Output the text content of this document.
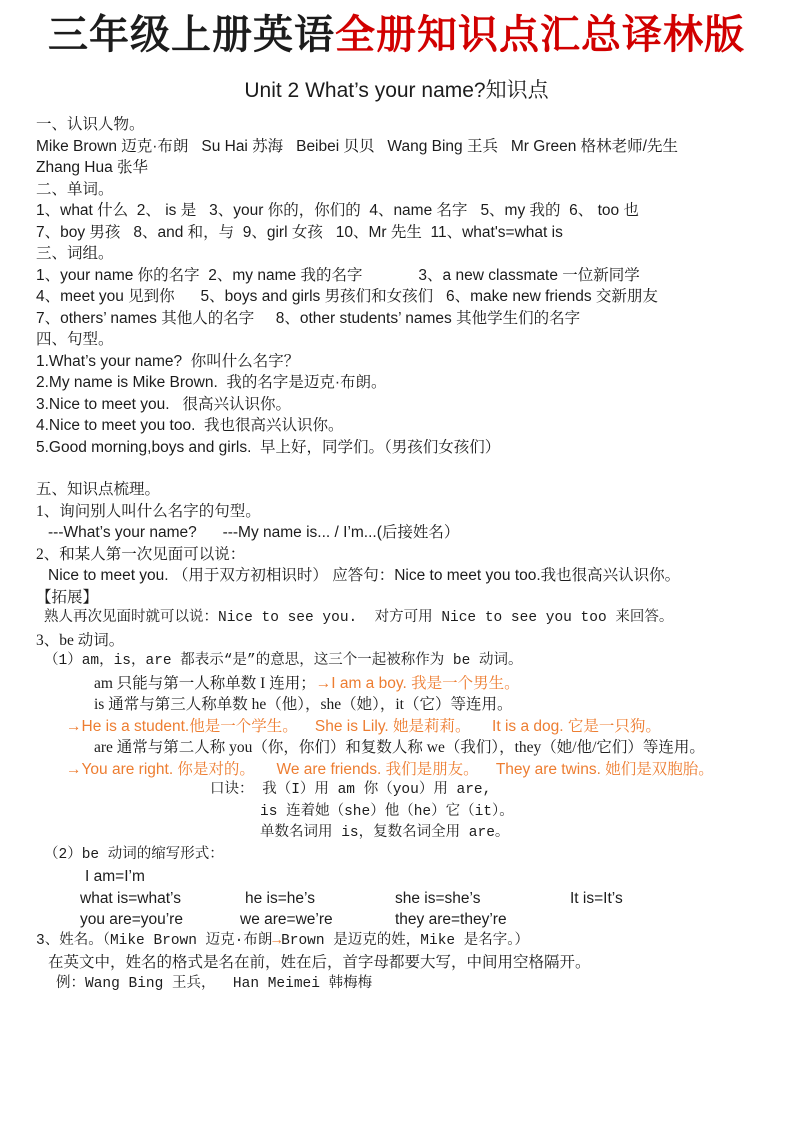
三年级上册英语全册知识点汇总译林版
Unit 2 What’s your name?知识点
一、认识人物。
Mike Brown 迈克·布朗   Su Hai 苏海   Beibei 贝贝   Wang Bing 王兵   Mr Green 格林老师/先生
Zhang Hua 张华
二、单词。
1、what 什么  2、 is 是   3、your 你的，你们的  4、name 名字   5、my 我的  6、 too 也
7、boy 男孩   8、and 和，与  9、girl 女孩   10、Mr 先生  11、what's=what is
三、词组。
1、your name 你的名字  2、my name 我的名字             3、a new classmate 一位新同学
4、meet you 见到你      5、boys and girls 男孩们和女孩们   6、make new friends 交新朋友
7、others’ names 其他人的名字     8、other students’ names 其他学生们的名字
四、句型。
1.What’s your name?  你叫什么名字？
2.My name is Mike Brown.  我的名字是迈克·布朗。
3.Nice to meet you.   很高兴认识你。
4.Nice to meet you too.  我也很高兴认识你。
5.Good morning,boys and girls.  早上好，同学们。（男孩们女孩们）
五、知识点梳理。
1、询问别人叫什么名字的句型。
---What’s your name?      ---My name is... / I’m...(后接姓名）
2、和某人第一次见面可以说：
Nice to meet you. （用于双方初相识时） 应答句：Nice to meet you too.我也很高兴认识你。
【拓展】
熟人再次见面时就可以说：Nice to see you.  对方可用 Nice to see you too 来回答。
3、be 动词。
（1）am，is，are 都表示“是”的意思，这三个一起被称作为 be 动词。
am 只能与第一人称单数 I 连用；→I am a boy. 我是一个男生。
is 通常与第三人称单数 he（他），she（她），it（它）等连用。
→He is a student.他是一个学生。    She is Lily. 她是莉莉。     It is a dog. 它是一只狗。
are 通常与第二人称 you（你，你们）和复数人称 we（我们），they（她/他/它们）等连用。
→You are right. 你是对的。     We are friends. 我们是朋友。    They are twins. 她们是双胞胎。
口诀： 我（I）用 am 你（you）用 are,
is 连着她（she）他（he）它（it）。
单数名词用 is，复数名词全用 are。
（2）be 动词的缩写形式：
I am=I’m
what is=what’s	he is=he’s	she is=she’s	It is=It’s
you are=you’re	we are=we’re	they are=they’re
3、姓名。（Mike Brown 迈克·布朗→Brown 是迈克的姓，Mike 是名字。）
在英文中，姓名的格式是名在前，姓在后，首字母都要大写，中间用空格隔开。
例：Wang Bing 王兵，  Han Meimei 韩梅梅
